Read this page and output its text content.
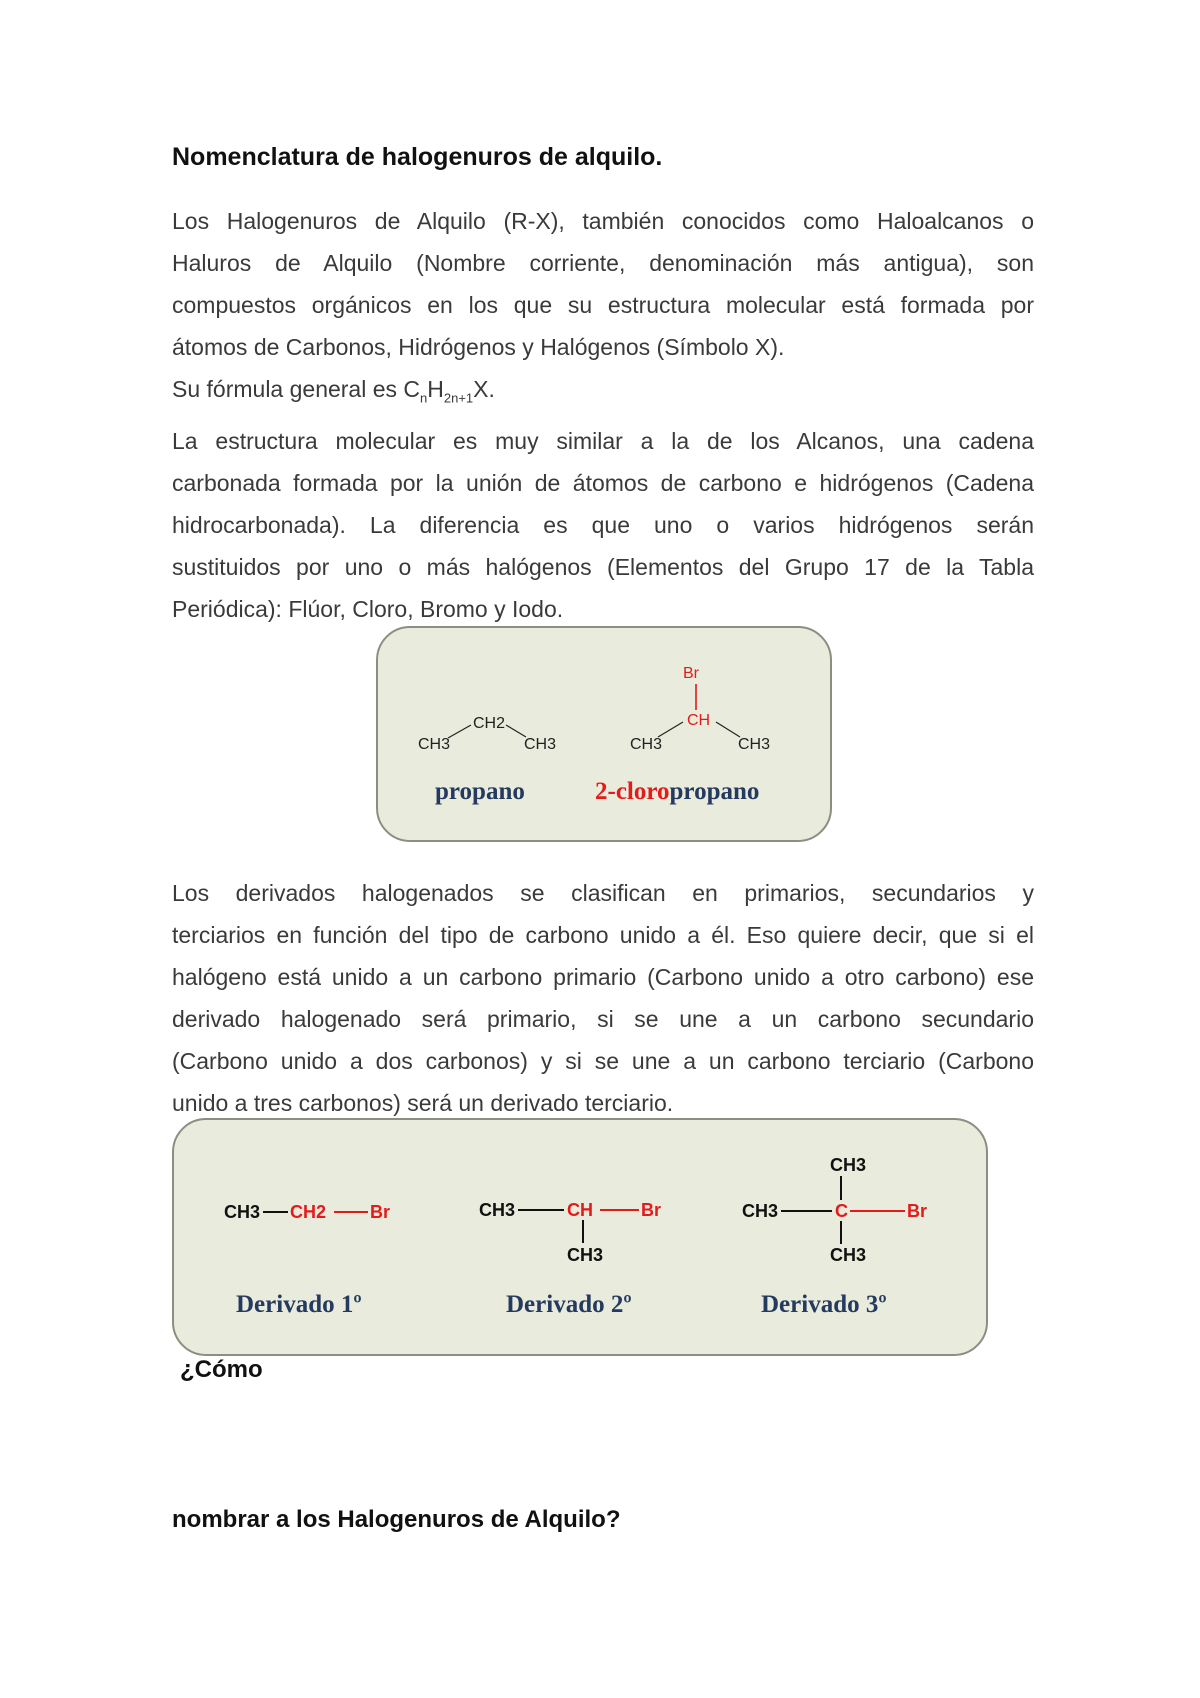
Nomenclatura de halogenuros de alquilo.
Los Halogenuros de Alquilo (R-X), también conocidos como Haloalcanos o
Haluros de Alquilo (Nombre corriente, denominación más antigua), son
compuestos orgánicos en los que su estructura molecular está formada por
átomos de Carbonos, Hidrógenos y Halógenos (Símbolo X).
Su fórmula general es $C_nH_{2n+1}X$.
La estructura molecular es muy similar a la de los Alcanos, una cadena
carbonada formada por la unión de átomos de carbono e hidrógenos (Cadena
hidrocarbonada). La diferencia es que uno o varios hidrógenos serán
sustituidos por uno o más halógenos (Elementos del Grupo 17 de la Tabla
Periódica): Flúor, Cloro, Bromo y Iodo.
CH3
CH2
CH3	CH3	CH3
Br
CH
propano	2-cloropropano
Los derivados halogenados se clasifican en primarios, secundarios y
terciarios en función del tipo de carbono unido a él. Eso quiere decir, que si el
halógeno está unido a un carbono primario (Carbono unido a otro carbono) ese
derivado halogenado será primario, si se une a un carbono secundario
(Carbono unido a dos carbonos) y si se une a un carbono terciario (Carbono
unido a tres carbonos) será un derivado terciario.
CH3 CH2 Br	CH3	CH	Br
CH3
CH3
CH3	C	Br
CH3
Derivado 1º	Derivado 2º	Derivado 3º
¿Cómo
nombrar a los Halogenuros de Alquilo?
